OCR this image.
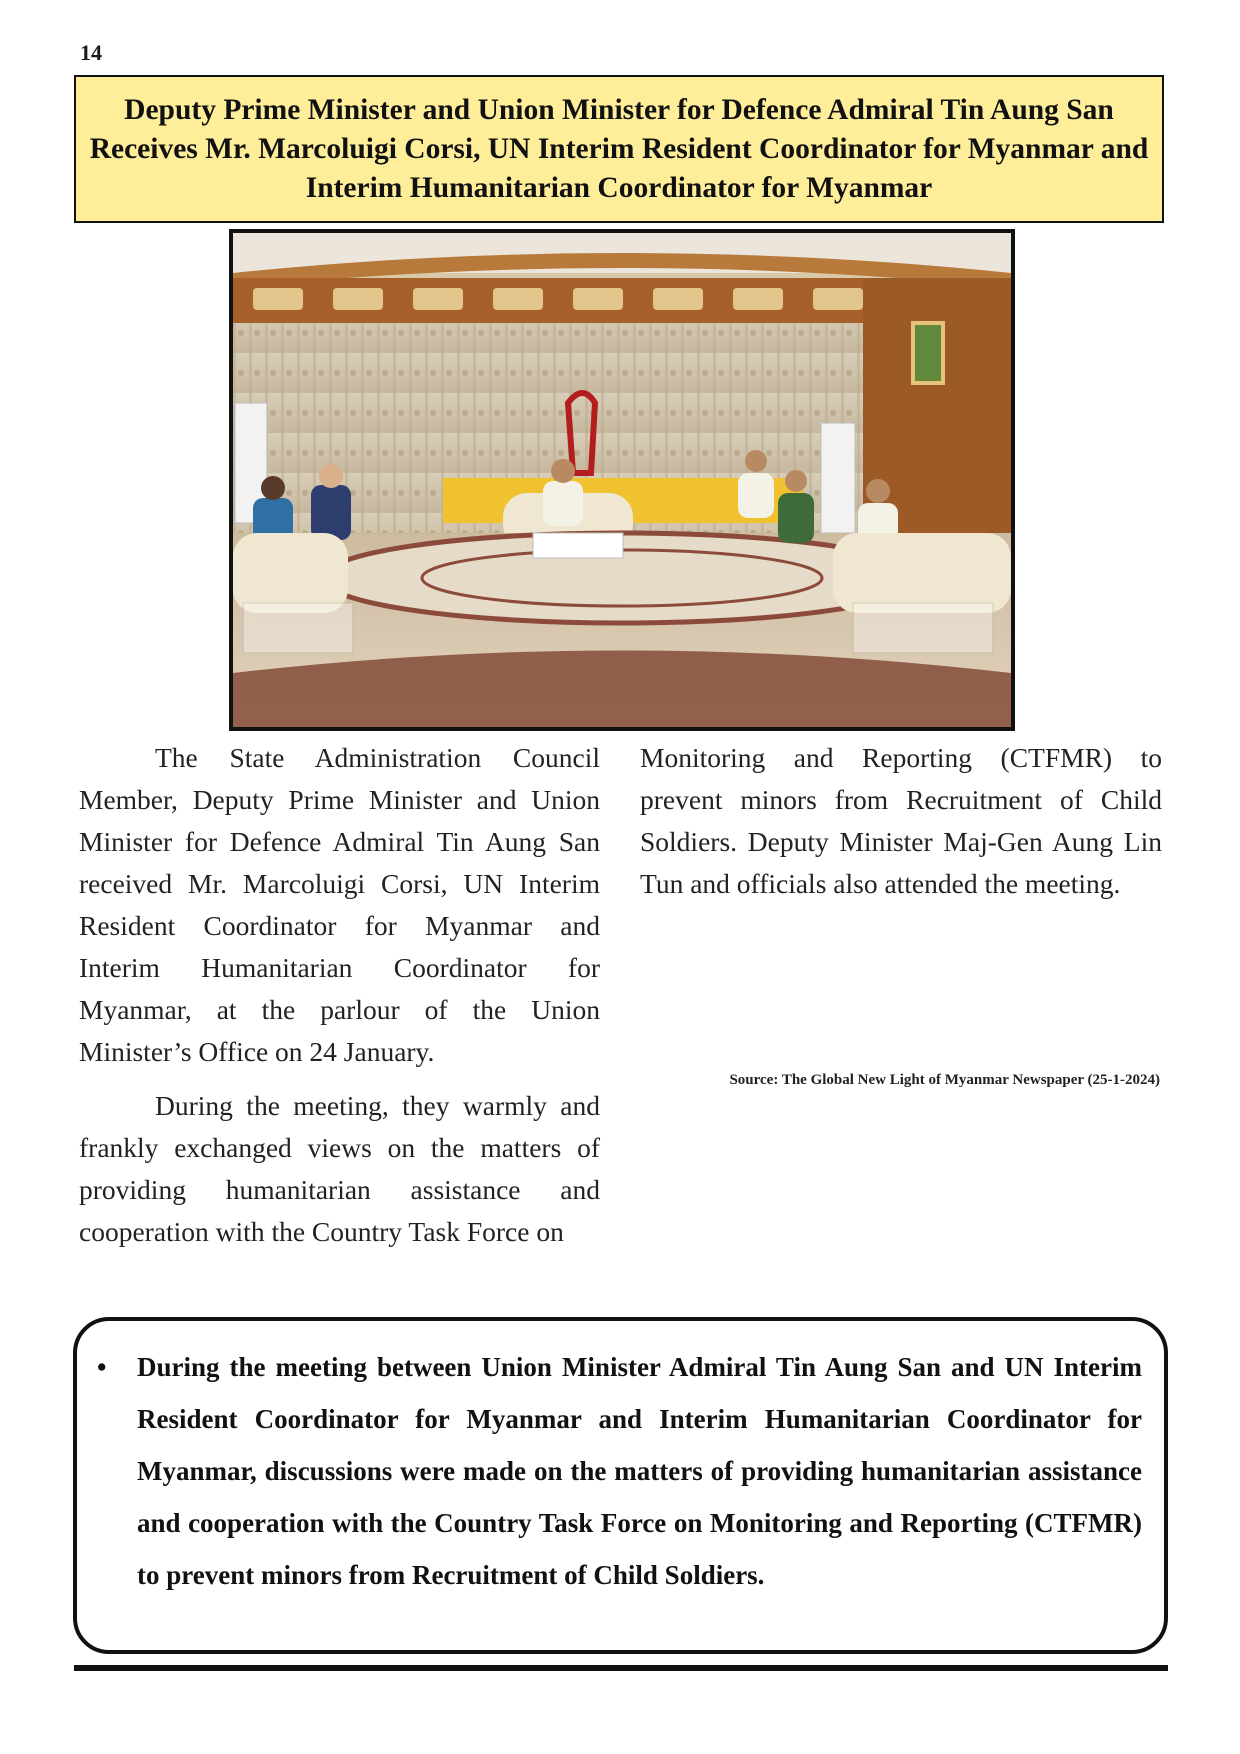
14
Deputy Prime Minister and Union Minister for Defence Admiral Tin Aung San Receives Mr. Marcoluigi Corsi, UN Interim Resident Coordinator for Myanmar and Interim Humanitarian Coordinator for Myanmar

The State Administration Council Member, Deputy Prime Minister and Union Minister for Defence Admiral Tin Aung San received Mr. Marcoluigi Corsi, UN Interim Resident Coordinator for Myanmar and Interim Humanitarian Coordinator for Myanmar, at the parlour of the Union Minister’s Office on 24 January.

During the meeting, they warmly and frankly exchanged views on the matters of providing humanitarian assistance and cooperation with the Country Task Force on

Monitoring and Reporting (CTFMR) to prevent minors from Recruitment of Child Soldiers. Deputy Minister Maj-Gen Aung Lin Tun and officials also attended the meeting.

Source: The Global New Light of Myanmar Newspaper (25-1-2024)
•	During the meeting between Union Minister Admiral Tin Aung San and UN Interim Resident Coordinator for Myanmar and Interim Humanitarian Coordinator for Myanmar, discussions were made on the matters of providing humanitarian assistance and cooperation with the Country Task Force on Monitoring and Reporting (CTFMR) to prevent minors from Recruitment of Child Soldiers.
